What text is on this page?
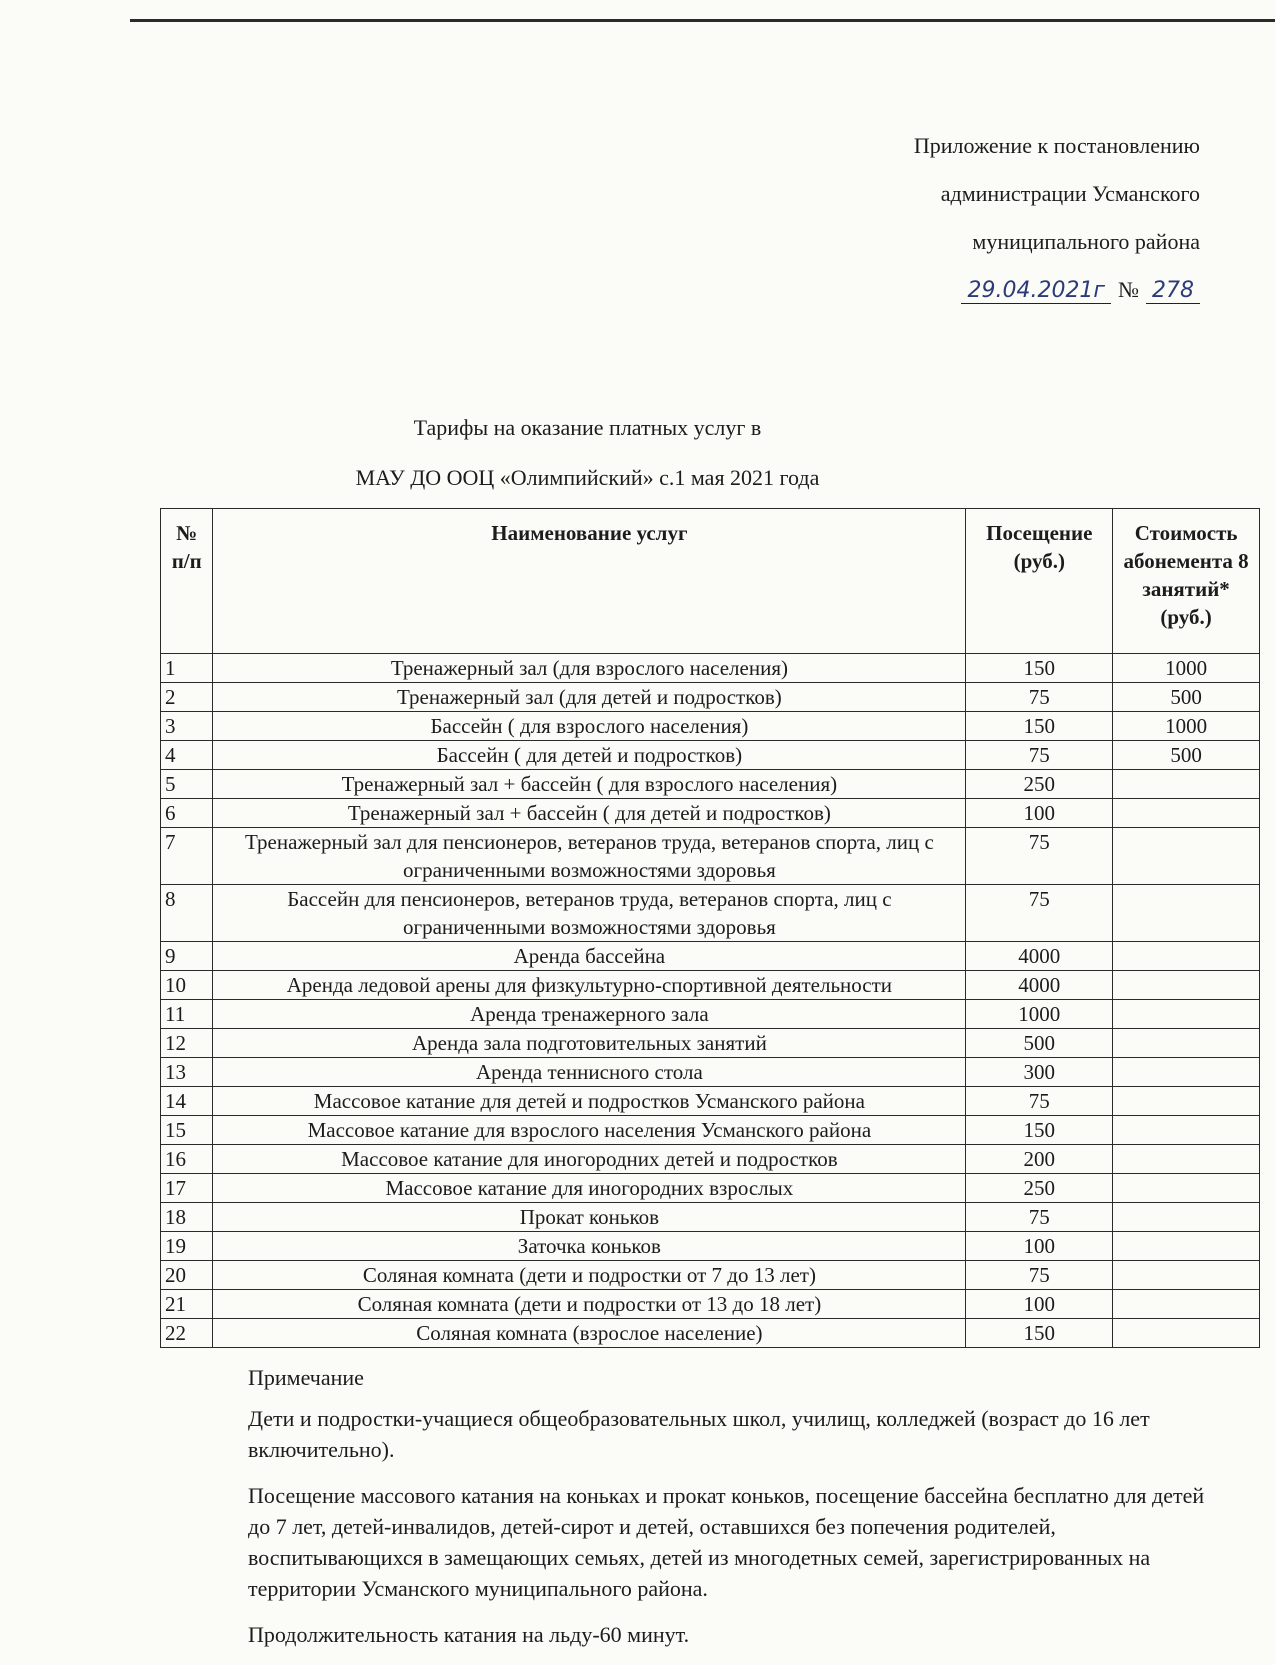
Приложение к постановлению
администрации Усманского
муниципального района
29.04.2021г № 278
Тарифы на оказание платных услуг в
МАУ ДО ООЦ «Олимпийский» с.1 мая 2021 года
№ п/п	Наименование услуг	Посещение (руб.)	Стоимость абонемента 8 занятий* (руб.)
1	Тренажерный зал (для взрослого населения)	150	1000
2	Тренажерный зал (для детей и подростков)	75	500
3	Бассейн ( для взрослого населения)	150	1000
4	Бассейн ( для детей и подростков)	75	500
5	Тренажерный зал + бассейн ( для взрослого населения)	250	
6	Тренажерный зал + бассейн ( для детей и подростков)	100	
7	Тренажерный зал для пенсионеров, ветеранов труда, ветеранов спорта, лиц с ограниченными возможностями здоровья	75	
8	Бассейн для пенсионеров, ветеранов труда, ветеранов спорта, лиц с ограниченными возможностями здоровья	75	
9	Аренда бассейна	4000	
10	Аренда ледовой арены для физкультурно-спортивной деятельности	4000	
11	Аренда тренажерного зала	1000	
12	Аренда зала подготовительных занятий	500	
13	Аренда теннисного стола	300	
14	Массовое катание для детей и подростков Усманского района	75	
15	Массовое катание для взрослого населения Усманского района	150	
16	Массовое катание для иногородних детей и подростков	200	
17	Массовое катание для иногородних взрослых	250	
18	Прокат коньков	75	
19	Заточка коньков	100	
20	Соляная комната (дети и подростки от 7 до 13 лет)	75	
21	Соляная комната (дети и подростки от 13 до 18 лет)	100	
22	Соляная комната (взрослое население)	150	

Примечание

Дети и подростки-учащиеся общеобразовательных школ, училищ, колледжей (возраст до 16 лет включительно).

Посещение массового катания на коньках и прокат коньков, посещение бассейна бесплатно для детей до 7 лет, детей-инвалидов, детей-сирот и детей, оставшихся без попечения родителей, воспитывающихся в замещающих семьях, детей из многодетных семей, зарегистрированных на территории Усманского муниципального района.

Продолжительность катания на льду-60 минут.
